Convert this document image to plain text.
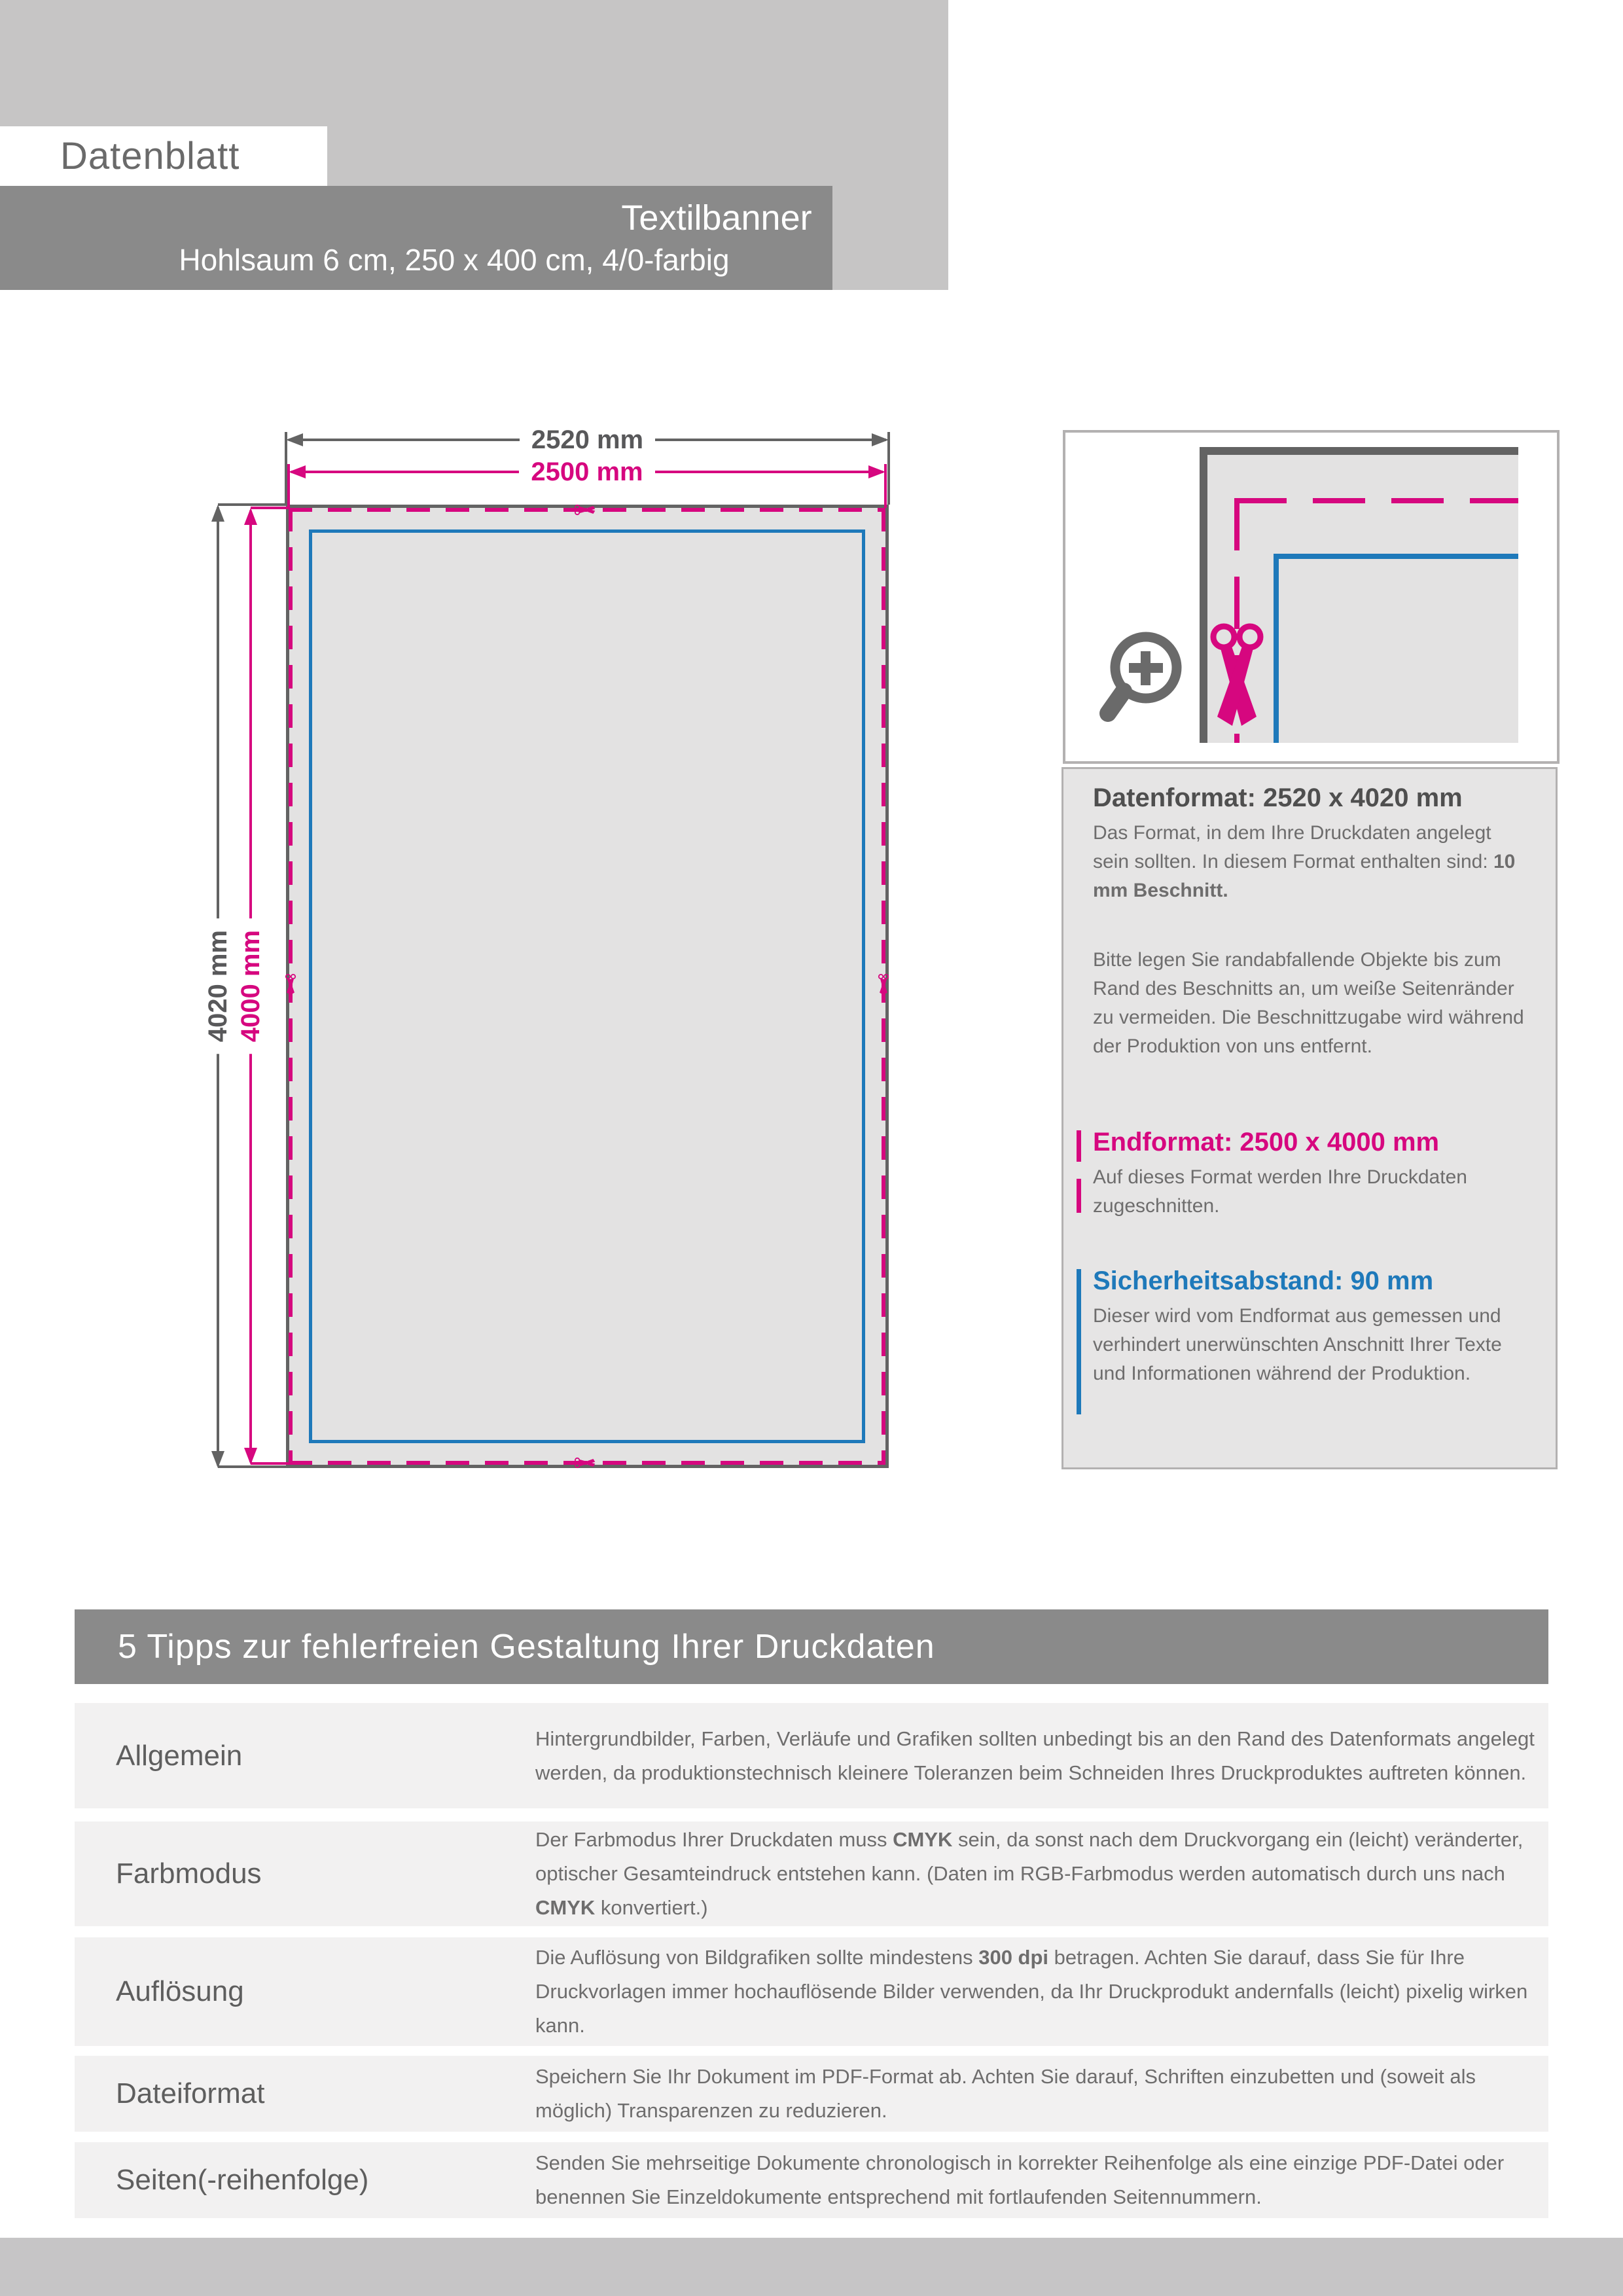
Datenblatt
Textilbanner
Hohlsaum 6 cm, 250 x 400 cm, 4/0-farbig
2520 mm
2500 mm
4020 mm 4000 mm
Datenformat: 2520 x 4020 mm

Das Format, in dem Ihre Druckdaten angelegt sein sollten. In diesem Format enthalten sind: 10 mm Beschnitt.

Bitte legen Sie randabfallende Objekte bis zum Rand des Beschnitts an, um weiße Seitenränder zu vermeiden. Die Beschnittzugabe wird während der Produktion von uns entfernt.

Endformat: 2500 x 4000 mm

Auf dieses Format werden Ihre Druckdaten zugeschnitten.

Sicherheitsabstand: 90 mm

Dieser wird vom Endformat aus gemessen und verhindert unerwünschten Anschnitt Ihrer Texte und Informationen während der Produktion.

5 Tipps zur fehlerfreien Gestaltung Ihrer Druckdaten
Allgemein
Hintergrundbilder, Farben, Verläufe und Grafiken sollten unbedingt bis an den Rand des Datenformats angelegt werden, da produktionstechnisch kleinere Toleranzen beim Schneiden Ihres Druckproduktes auftreten können.
Farbmodus
Der Farbmodus Ihrer Druckdaten muss CMYK sein, da sonst nach dem Druckvorgang ein (leicht) veränderter, optischer Gesamteindruck entstehen kann. (Daten im RGB-Farbmodus werden automatisch durch uns nach CMYK konvertiert.)
Auflösung
Die Auflösung von Bildgrafiken sollte mindestens 300 dpi betragen. Achten Sie darauf, dass Sie für Ihre Druckvorlagen immer hochauflösende Bilder verwenden, da Ihr Druckprodukt andernfalls (leicht) pixelig wirken kann.
Dateiformat
Speichern Sie Ihr Dokument im PDF-Format ab. Achten Sie darauf, Schriften einzubetten und (soweit als möglich) Transparenzen zu reduzieren.
Seiten(-reihenfolge)
Senden Sie mehrseitige Dokumente chronologisch in korrekter Reihenfolge als eine einzige PDF-Datei oder benennen Sie Einzeldokumente entsprechend mit fortlaufenden Seitennummern.
